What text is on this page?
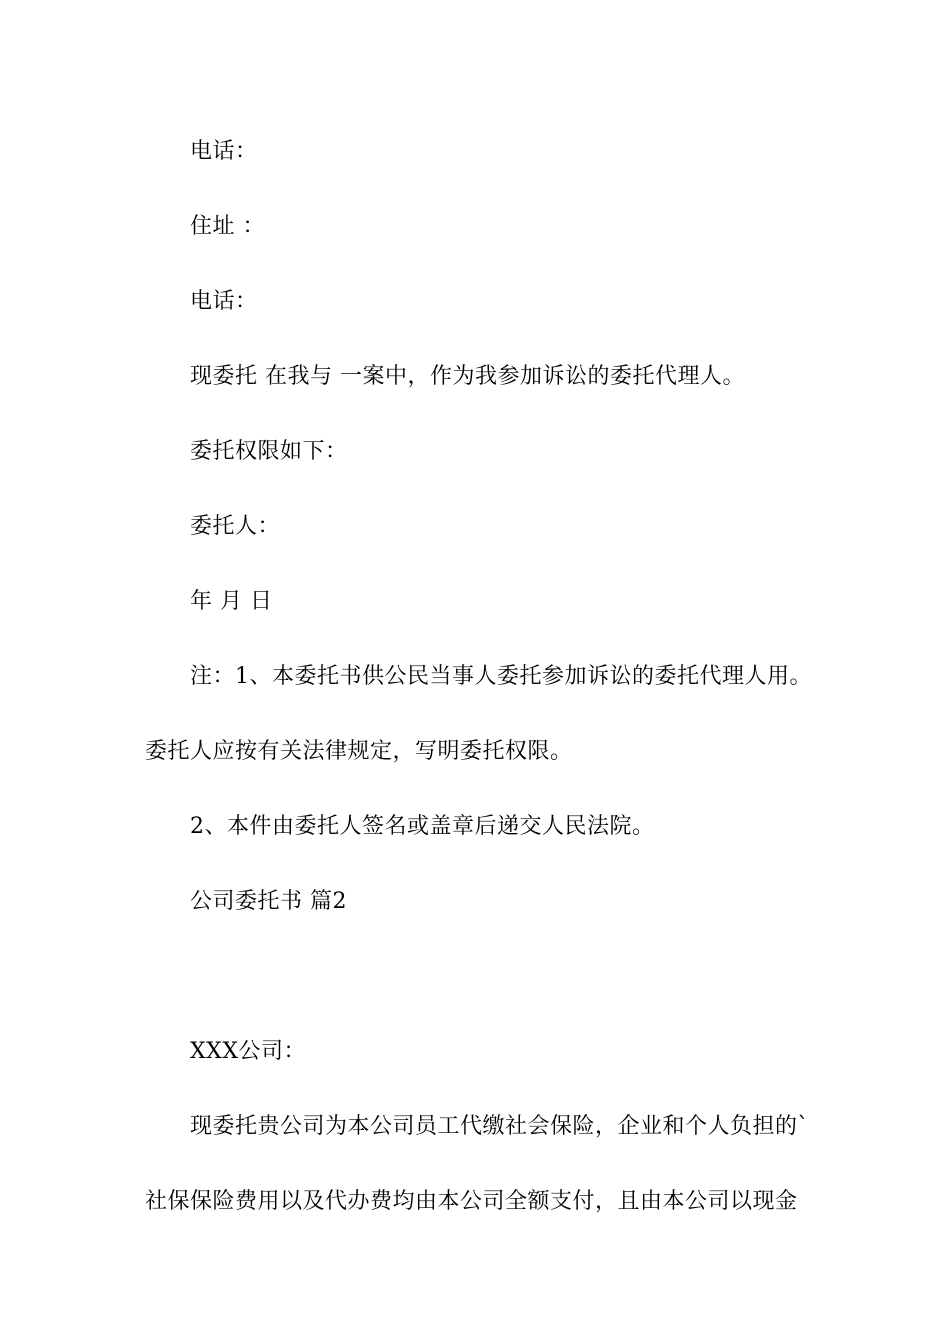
电话：
住址 ：
电话：
现委托 在我与 一案中，作为我参加诉讼的委托代理人。
委托权限如下：
委托人：
年 月 日
注：1、本委托书供公民当事人委托参加诉讼的委托代理人用。
委托人应按有关法律规定，写明委托权限。
2、本件由委托人签名或盖章后递交人民法院。
公司委托书 篇2
XXX公司：
现委托贵公司为本公司员工代缴社会保险，企业和个人负担的`
社保保险费用以及代办费均由本公司全额支付，且由本公司以现金
